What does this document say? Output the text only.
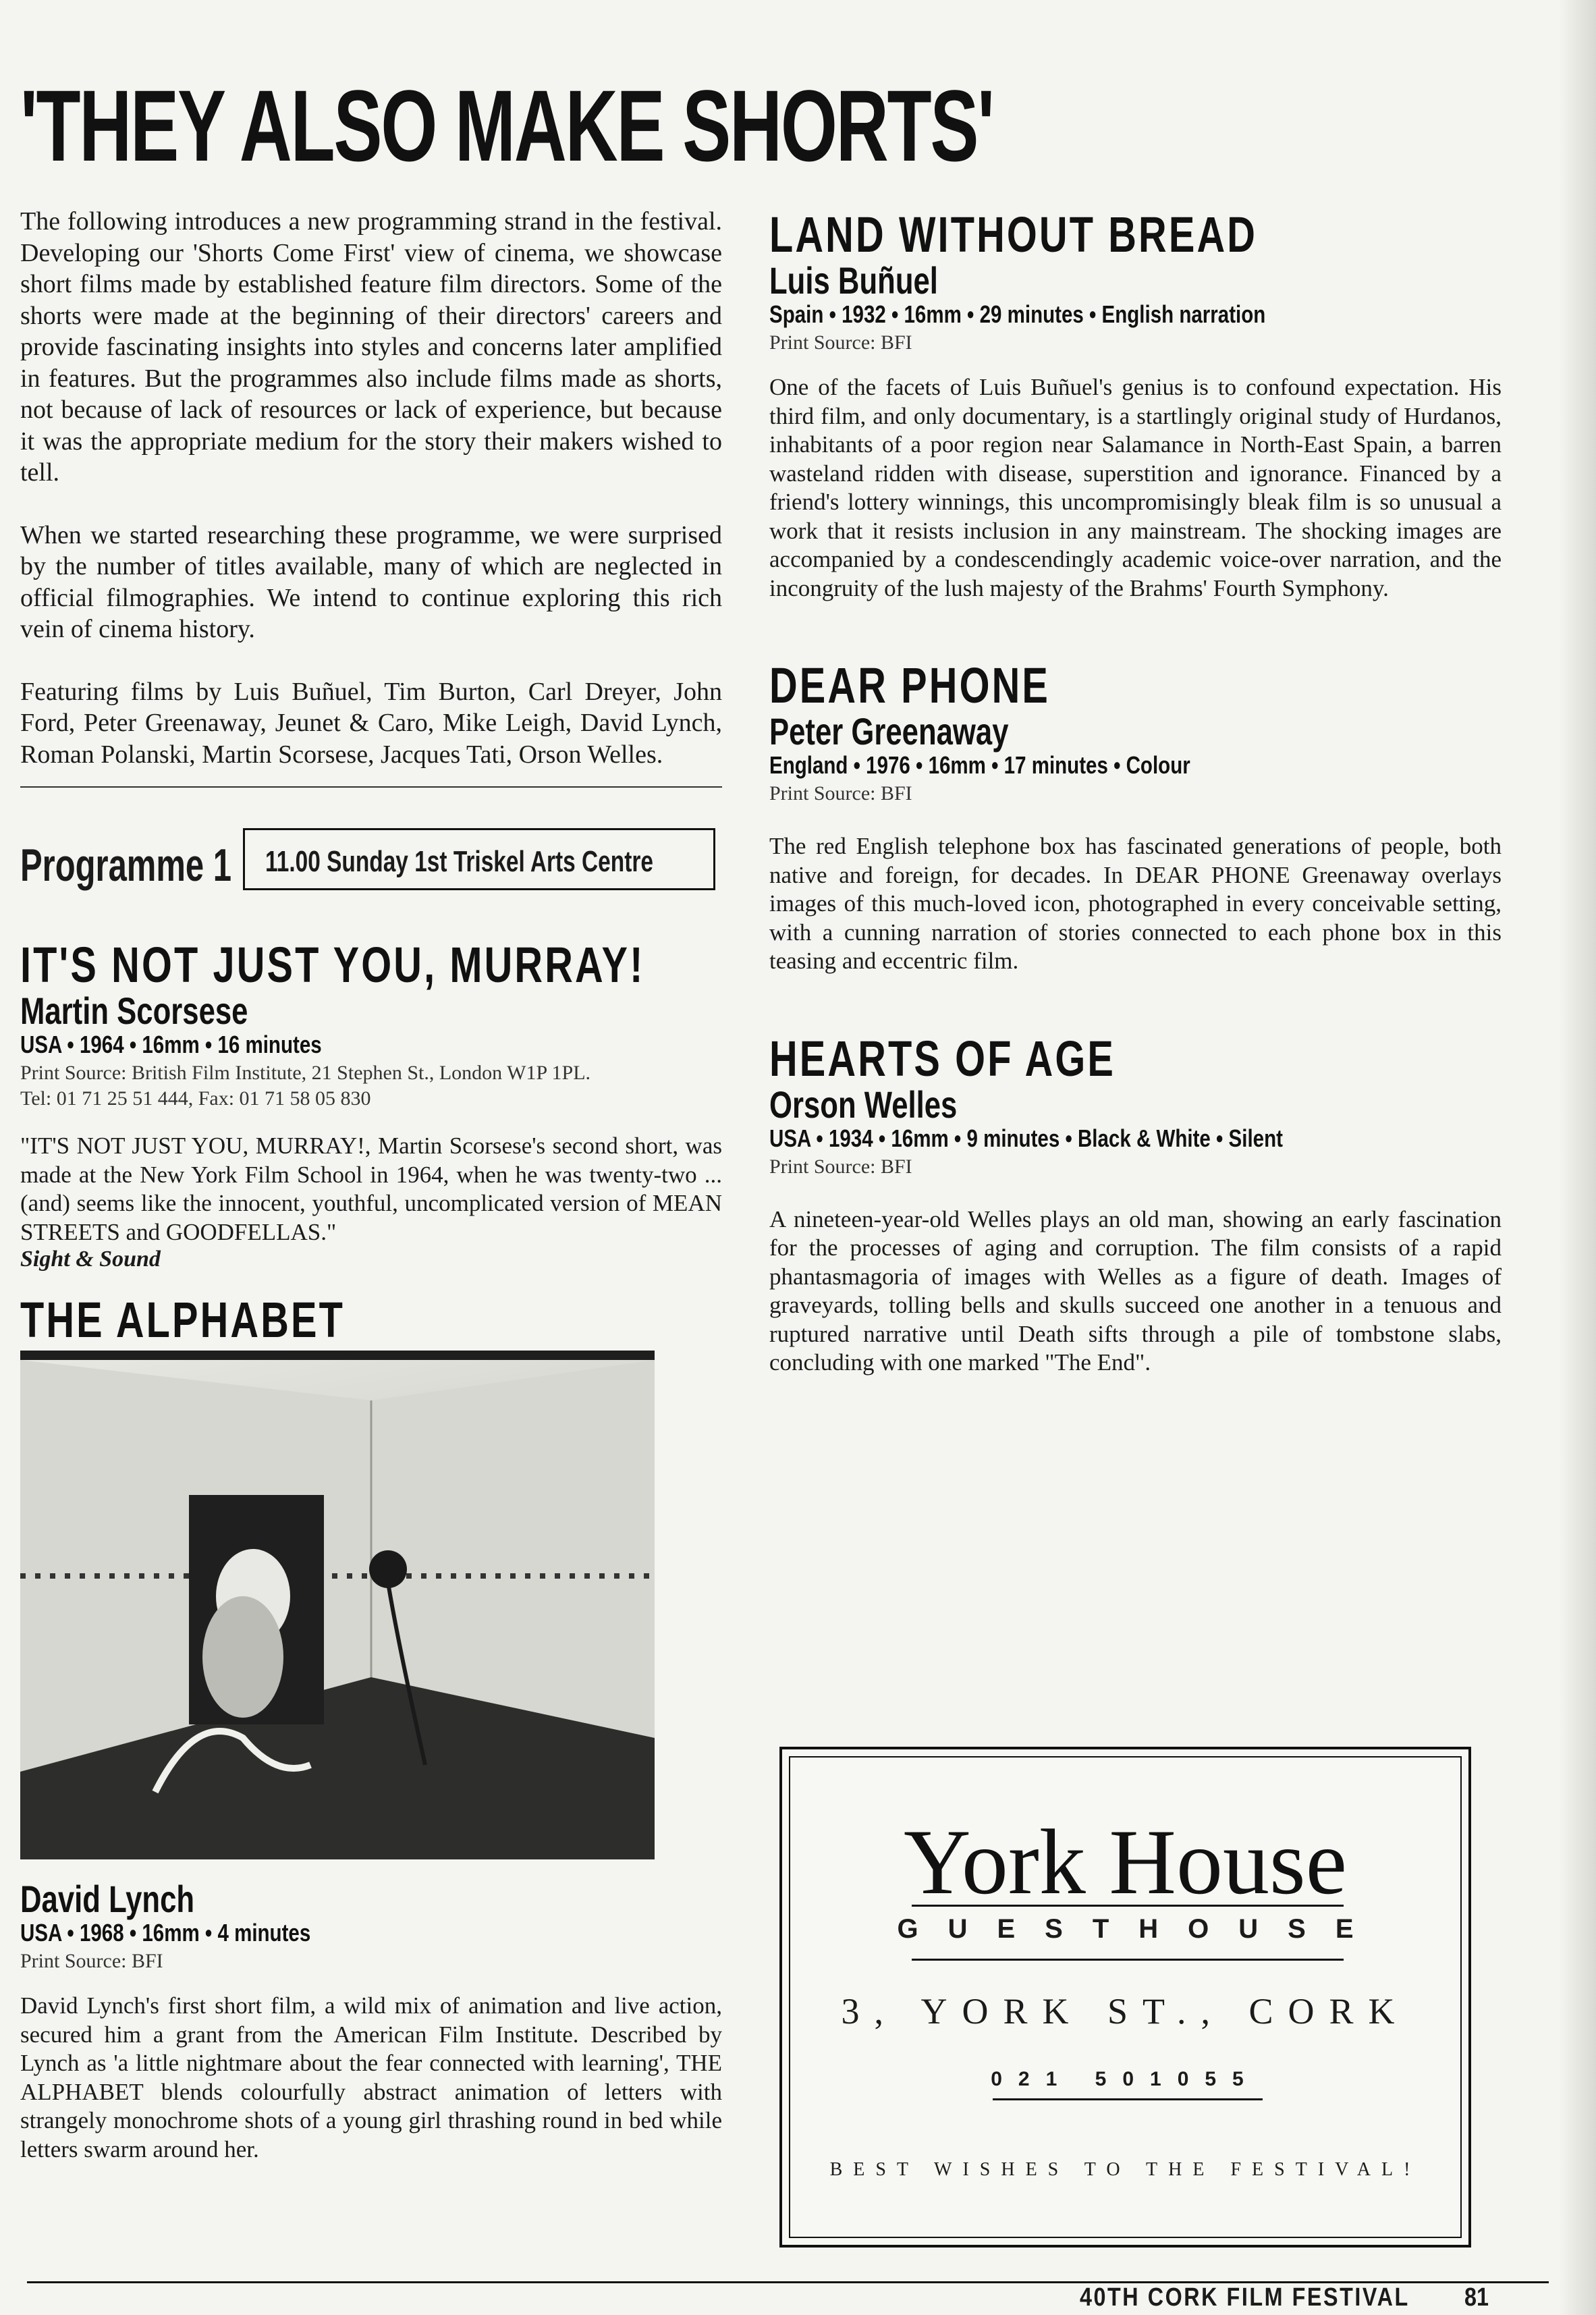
'THEY ALSO MAKE SHORTS'

The following introduces a new programming strand in the festival. Developing our 'Shorts Come First' view of cinema, we showcase short films made by established feature film directors. Some of the shorts were made at the beginning of their directors' careers and provide fascinating insights into styles and concerns later amplified in features. But the programmes also include films made as shorts, not because of lack of resources or lack of experience, but because it was the appropriate medium for the story their makers wished to tell.

When we started researching these programme, we were surprised by the number of titles available, many of which are neglected in official filmographies. We intend to continue exploring this rich vein of cinema history.

Featuring films by Luis Buñuel, Tim Burton, Carl Dreyer, John Ford, Peter Greenaway, Jeunet & Caro, Mike Leigh, David Lynch, Roman Polanski, Martin Scorsese, Jacques Tati, Orson Welles.

Programme 1 11.00 Sunday 1st Triskel Arts Centre
IT'S NOT JUST YOU, MURRAY!
Martin Scorsese
USA • 1964 • 16mm • 16 minutes

Print Source: British Film Institute, 21 Stephen St., London W1P 1PL.

Tel: 01 71 25 51 444, Fax: 01 71 58 05 830

"IT'S NOT JUST YOU, MURRAY!, Martin Scorsese's second short, was made at the New York Film School in 1964, when he was twenty-two ... (and) seems like the innocent, youthful, uncomplicated version of MEAN STREETS and GOODFELLAS."

Sight & Sound

THE ALPHABET
David Lynch
USA • 1968 • 16mm • 4 minutes

Print Source: BFI

David Lynch's first short film, a wild mix of animation and live action, secured him a grant from the American Film Institute. Described by Lynch as 'a little nightmare about the fear connected with learning', THE ALPHABET blends colourfully abstract animation of letters with strangely monochrome shots of a young girl thrashing round in bed while letters swarm around her.

LAND WITHOUT BREAD
Luis Buñuel
Spain • 1932 • 16mm • 29 minutes • English narration

Print Source: BFI

One of the facets of Luis Buñuel's genius is to confound expectation. His third film, and only documentary, is a startlingly original study of Hurdanos, inhabitants of a poor region near Salamance in North-East Spain, a barren wasteland ridden with disease, superstition and ignorance. Financed by a friend's lottery winnings, this uncompromisingly bleak film is so unusual a work that it resists inclusion in any mainstream. The shocking images are accompanied by a condescendingly academic voice-over narration, and the incongruity of the lush majesty of the Brahms' Fourth Symphony.

DEAR PHONE
Peter Greenaway
England • 1976 • 16mm • 17 minutes • Colour

Print Source: BFI

The red English telephone box has fascinated generations of people, both native and foreign, for decades. In DEAR PHONE Greenaway overlays images of this much-loved icon, photographed in every conceivable setting, with a cunning narration of stories connected to each phone box in this teasing and eccentric film.

HEARTS OF AGE
Orson Welles
USA • 1934 • 16mm • 9 minutes • Black & White • Silent

Print Source: BFI

A nineteen-year-old Welles plays an old man, showing an early fascination for the processes of aging and corruption. The film consists of a rapid phantasmagoria of images with Welles as a figure of death. Images of graveyards, tolling bells and skulls succeed one another in a tenuous and ruptured narrative until Death sifts through a pile of tombstone slabs, concluding with one marked "The End".

York House
GUESTHOUSE
3, YORK ST., CORK
021 501055
BEST WISHES TO THE FESTIVAL!
40TH CORK FILM FESTIVAL 81
